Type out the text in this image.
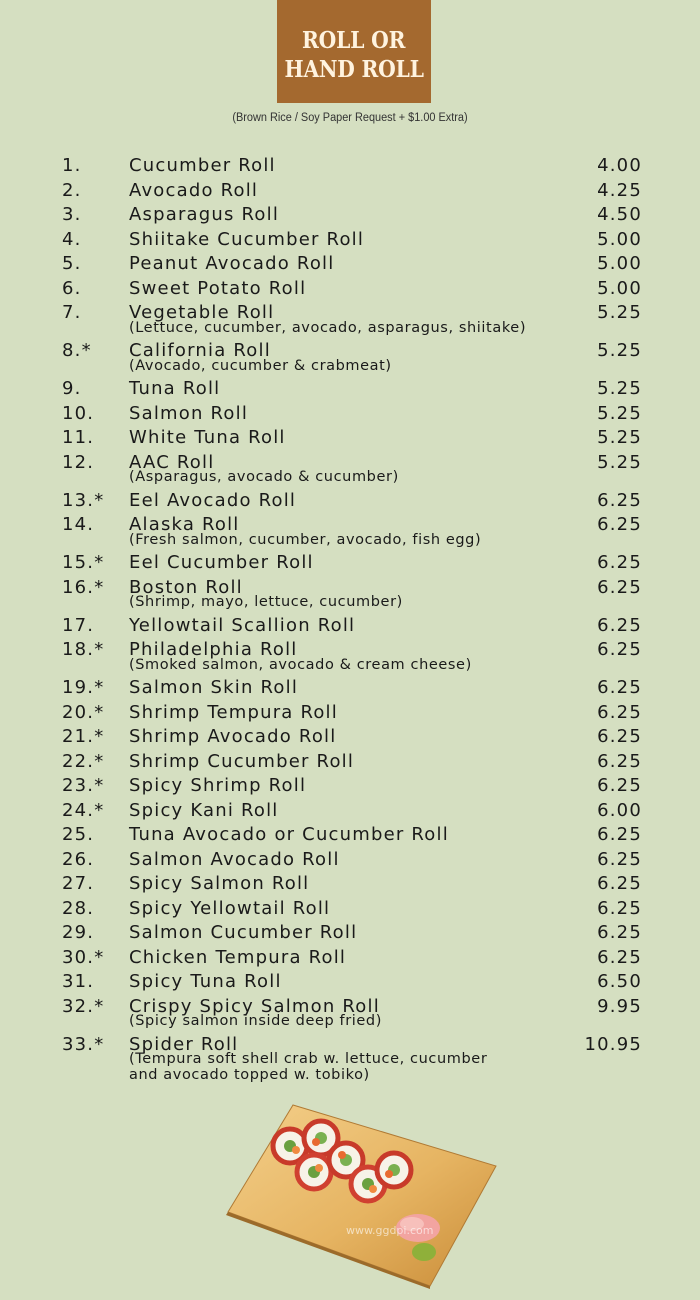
ROLL OR
HAND ROLL
(Brown Rice / Soy Paper Request + $1.00 Extra)
1.	Cucumber Roll	4.00
2.	Avocado Roll	4.25
3.	Asparagus Roll	4.50
4.	Shiitake Cucumber Roll	5.00
5.	Peanut Avocado Roll	5.00
6.	Sweet Potato Roll	5.00
7.	Vegetable Roll	5.25
(Lettuce, cucumber, avocado, asparagus, shiitake)
8.*	California Roll	5.25
(Avocado, cucumber & crabmeat)
9.	Tuna Roll	5.25
10.	Salmon Roll	5.25
11.	White Tuna Roll	5.25
12.	AAC Roll	5.25
(Asparagus, avocado & cucumber)
13.*	Eel Avocado Roll	6.25
14.	Alaska Roll	6.25
(Fresh salmon, cucumber, avocado, fish egg)
15.*	Eel Cucumber Roll	6.25
16.*	Boston Roll	6.25
(Shrimp, mayo, lettuce, cucumber)
17.	Yellowtail Scallion Roll	6.25
18.*	Philadelphia Roll	6.25
(Smoked salmon, avocado & cream cheese)
19.*	Salmon Skin Roll	6.25
20.*	Shrimp Tempura Roll	6.25
21.*	Shrimp Avocado Roll	6.25
22.*	Shrimp Cucumber Roll	6.25
23.*	Spicy Shrimp Roll	6.25
24.*	Spicy Kani Roll	6.00
25.	Tuna Avocado or Cucumber Roll	6.25
26.	Salmon Avocado Roll	6.25
27.	Spicy Salmon Roll	6.25
28.	Spicy Yellowtail Roll	6.25
29.	Salmon Cucumber Roll	6.25
30.*	Chicken Tempura Roll	6.25
31.	Spicy Tuna Roll	6.50
32.*	Crispy Spicy Salmon Roll	9.95
(Spicy salmon inside deep fried)
33.*	Spider Roll	10.95
(Tempura soft shell crab w. lettuce, cucumber
and avocado topped w. tobiko)
www.ggdpi.com
